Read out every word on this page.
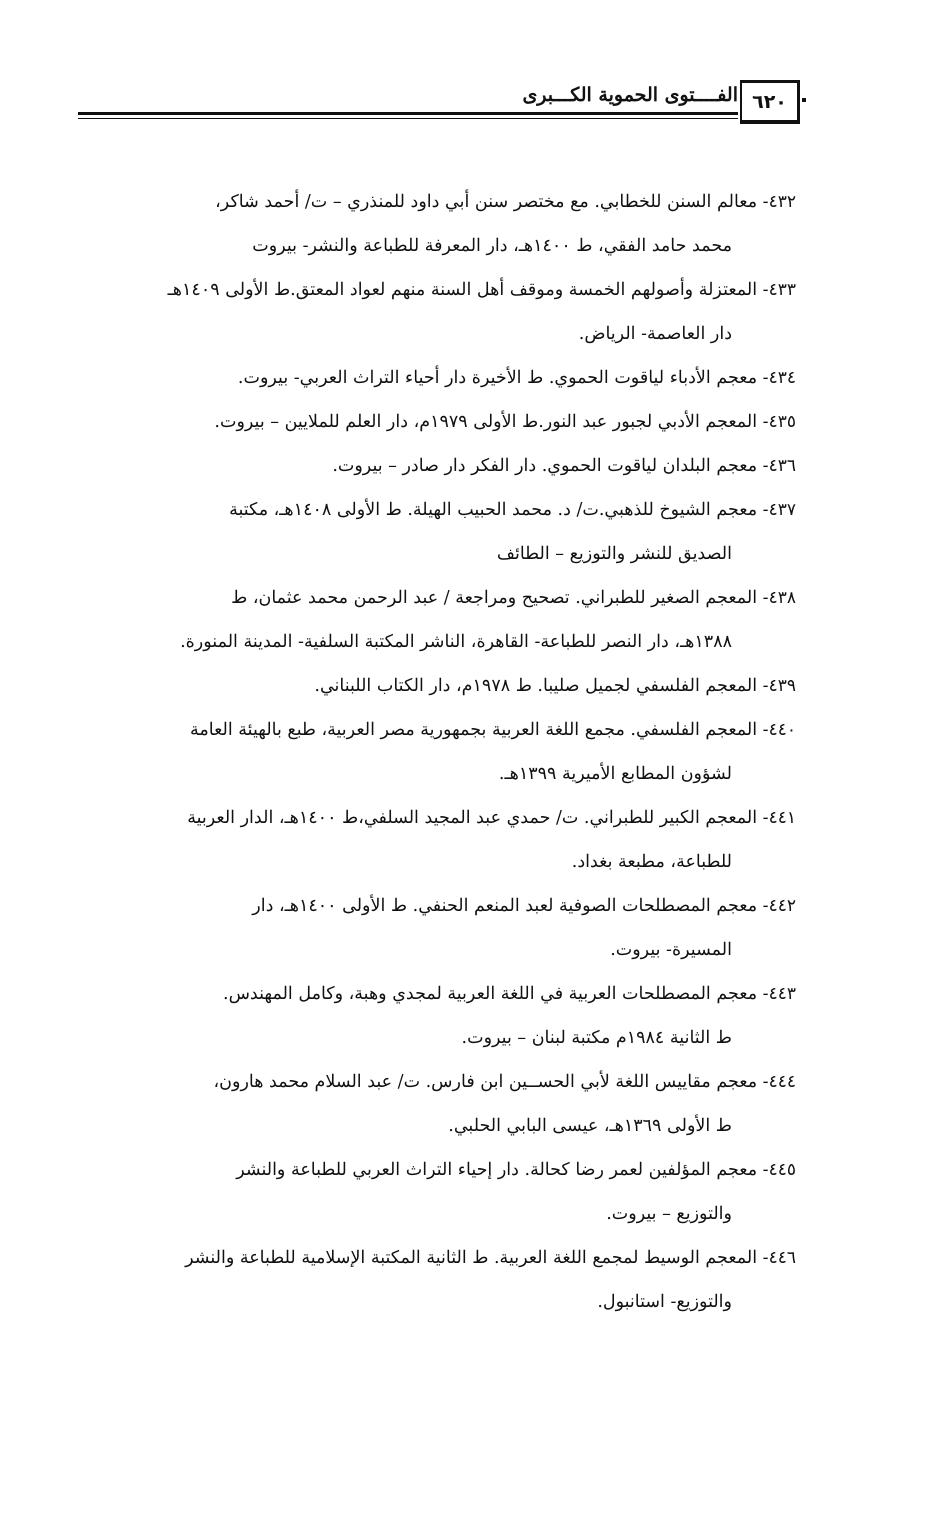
٦٢٠
الفــــتوى الحموية الكـــبرى
٤٣٢- معالم السنن للخطابي. مع مختصر سنن أبي داود للمنذري – ت/ أحمد شاكر،
محمد حامد الفقي، ط ١٤٠٠هـ، دار المعرفة للطباعة والنشر- بيروت
٤٣٣- المعتزلة وأصولهم الخمسة وموقف أهل السنة منهم لعواد المعتق.ط الأولى ١٤٠٩هـ
دار العاصمة- الرياض.
٤٣٤- معجم الأدباء لياقوت الحموي. ط الأخيرة دار أحياء التراث العربي- بيروت.
٤٣٥- المعجم الأدبي لجبور عبد النور.ط الأولى ١٩٧٩م، دار العلم للملايين – بيروت.
٤٣٦- معجم البلدان لياقوت الحموي. دار الفكر دار صادر – بيروت.
٤٣٧- معجم الشيوخ للذهبي.ت/ د. محمد الحبيب الهيلة. ط الأولى ١٤٠٨هـ، مكتبة
الصديق للنشر والتوزيع – الطائف
٤٣٨- المعجم الصغير للطبراني. تصحيح ومراجعة / عبد الرحمن محمد عثمان، ط
١٣٨٨هـ، دار النصر للطباعة- القاهرة، الناشر المكتبة السلفية- المدينة المنورة.
٤٣٩- المعجم الفلسفي لجميل صليبا. ط ١٩٧٨م، دار الكتاب اللبناني.
٤٤٠- المعجم الفلسفي. مجمع اللغة العربية بجمهورية مصر العربية، طبع بالهيئة العامة
لشؤون المطابع الأميرية ١٣٩٩هـ.
٤٤١- المعجم الكبير للطبراني. ت/ حمدي عبد المجيد السلفي،ط ١٤٠٠هـ، الدار العربية
للطباعة، مطبعة بغداد.
٤٤٢- معجم المصطلحات الصوفية لعبد المنعم الحنفي. ط الأولى ١٤٠٠هـ، دار
المسيرة- بيروت.
٤٤٣- معجم المصطلحات العربية في اللغة العربية لمجدي وهبة، وكامل المهندس.
ط الثانية ١٩٨٤م مكتبة لبنان – بيروت.
٤٤٤- معجم مقاييس اللغة لأبي الحســين ابن فارس. ت/ عبد السلام محمد هارون،
ط الأولى ١٣٦٩هـ، عيسى البابي الحلبي.
٤٤٥- معجم المؤلفين لعمر رضا كحالة. دار إحياء التراث العربي للطباعة والنشر
والتوزيع – بيروت.
٤٤٦- المعجم الوسيط لمجمع اللغة العربية. ط الثانية المكتبة الإسلامية للطباعة والنشر
والتوزيع- استانبول.
